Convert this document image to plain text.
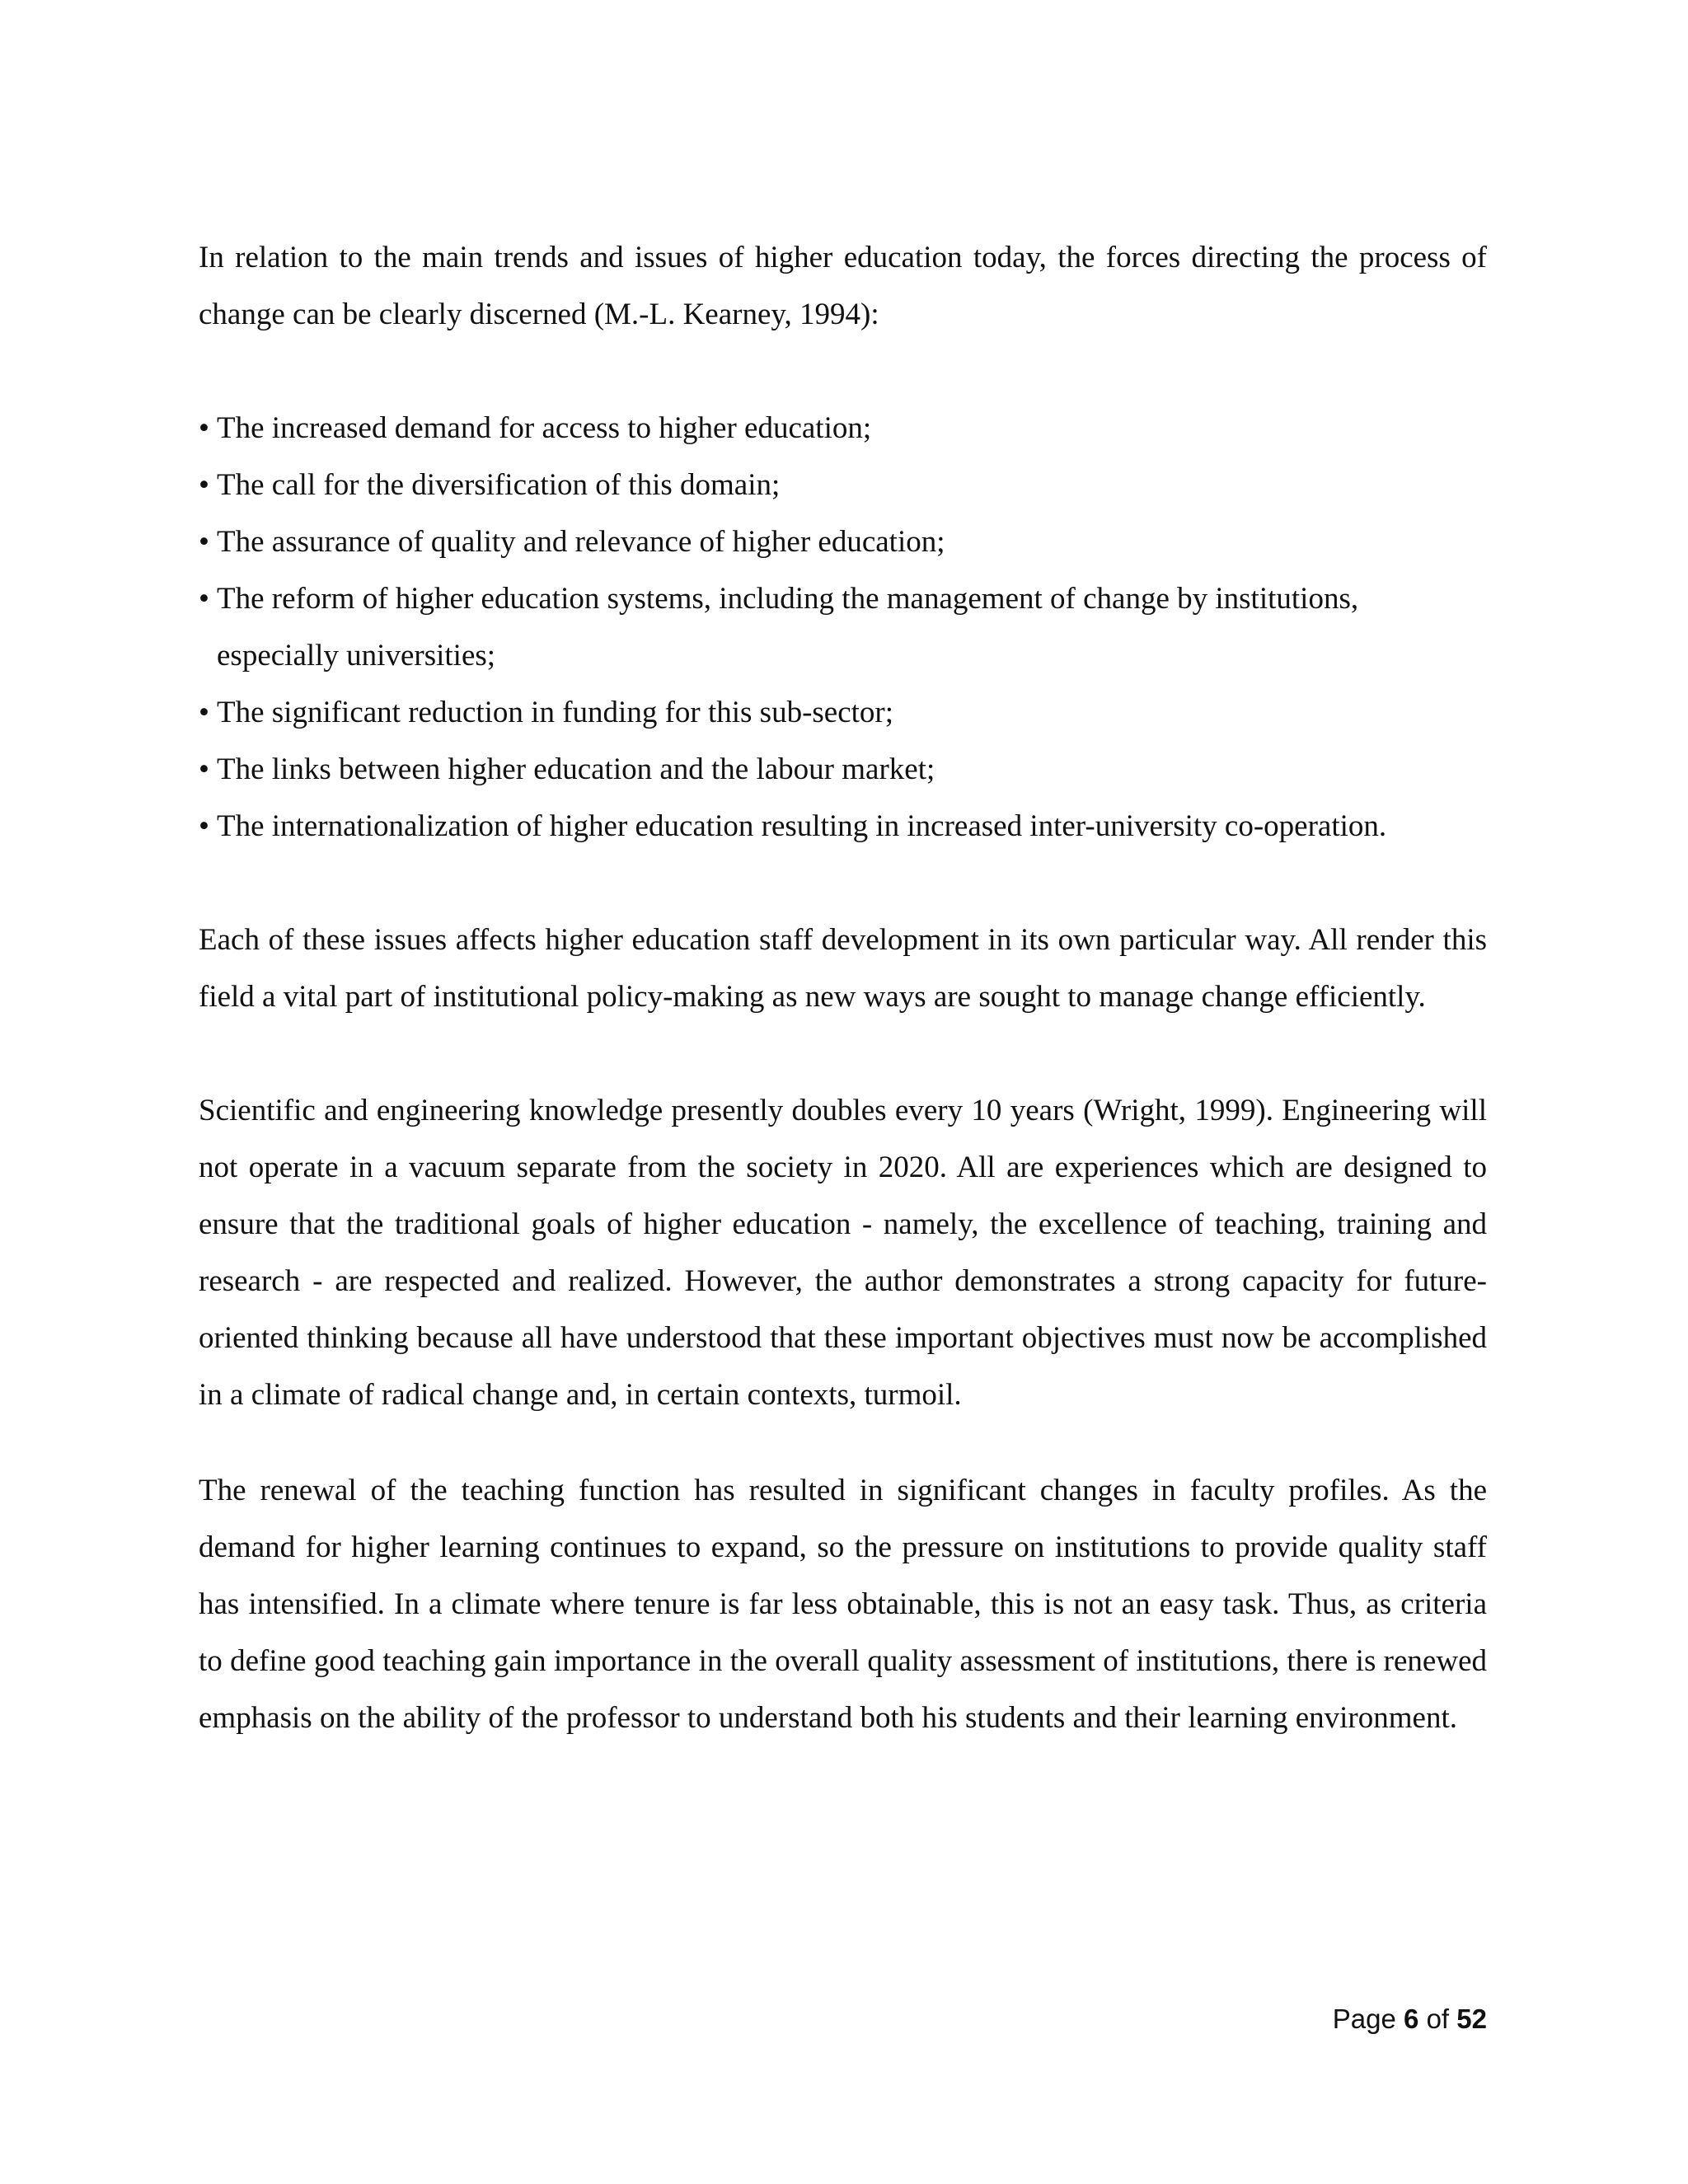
In relation to the main trends and issues of higher education today, the forces directing the process of change can be clearly discerned (M.-L. Kearney, 1994):

• The increased demand for access to higher education;
• The call for the diversification of this domain;
• The assurance of quality and relevance of higher education;
• The reform of higher education systems, including the management of change by institutions, especially universities;
• The significant reduction in funding for this sub-sector;
• The links between higher education and the labour market;
• The internationalization of higher education resulting in increased inter-university co-operation.

Each of these issues affects higher education staff development in its own particular way. All render this field a vital part of institutional policy-making as new ways are sought to manage change efficiently.

Scientific and engineering knowledge presently doubles every 10 years (Wright, 1999). Engineering will not operate in a vacuum separate from the society in 2020. All are experiences which are designed to ensure that the traditional goals of higher education - namely, the excellence of teaching, training and research - are respected and realized. However, the author demonstrates a strong capacity for future-oriented thinking because all have understood that these important objectives must now be accomplished in a climate of radical change and, in certain contexts, turmoil.

The renewal of the teaching function has resulted in significant changes in faculty profiles. As the demand for higher learning continues to expand, so the pressure on institutions to provide quality staff has intensified. In a climate where tenure is far less obtainable, this is not an easy task. Thus, as criteria to define good teaching gain importance in the overall quality assessment of institutions, there is renewed emphasis on the ability of the professor to understand both his students and their learning environment.

Page 6 of 52
